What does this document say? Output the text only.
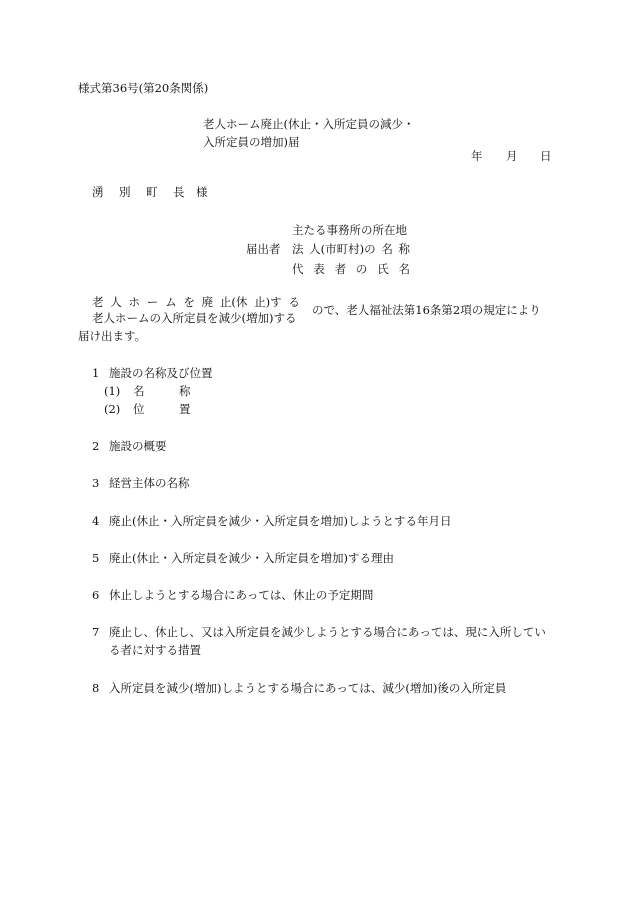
様式第36号(第20条関係)
老人ホーム廃止(休止・入所定員の減少・
入所定員の増加)届
年 月 日
湧　別　町　長 様
主たる事務所の所在地
届出者 法 人(市町村)の 名 称
代 表 者 の 氏 名
老 人 ホ ー ム を 廃 止(休 止)す る
老人ホームの入所定員を減少(増加)する
ので、老人福祉法第16条第2項の規定により
届け出ます。
1 施設の名称及び位置
(1) 名	称
(2) 位	置
2 施設の概要
3 経営主体の名称
4 廃止(休止・入所定員を減少・入所定員を増加)しようとする年月日
5 廃止(休止・入所定員を減少・入所定員を増加)する理由
6 休止しようとする場合にあっては、休止の予定期間
7 廃止し、休止し、又は入所定員を減少しようとする場合にあっては、現に入所してい
る者に対する措置
8 入所定員を減少(増加)しようとする場合にあっては、減少(増加)後の入所定員
